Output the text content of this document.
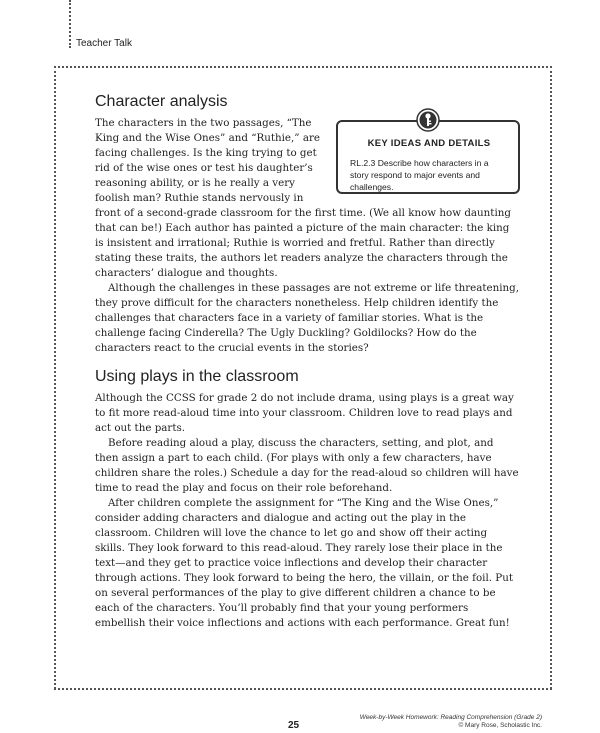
Teacher Talk
Character analysis
KEY IDEAS AND DETAILS
RL.2.3 Describe how characters in a story respond to major events and challenges.

The characters in the two passages, “The King and the Wise Ones” and “Ruthie,” are facing challenges. Is the king trying to get rid of the wise ones or test his daughter’s reasoning ability, or is he really a very foolish man? Ruthie stands nervously in front of a second-grade classroom for the first time. (We all know how daunting that can be!) Each author has painted a picture of the main character: the king is insistent and irrational; Ruthie is worried and fretful. Rather than directly stating these traits, the authors let readers analyze the characters through the characters’ dialogue and thoughts.

Although the challenges in these passages are not extreme or life threatening, they prove difficult for the characters nonetheless. Help children identify the challenges that characters face in a variety of familiar stories. What is the challenge facing Cinderella? The Ugly Duckling? Goldilocks? How do the characters react to the crucial events in the stories?

Using plays in the classroom

Although the CCSS for grade 2 do not include drama, using plays is a great way to fit more read-aloud time into your classroom. Children love to read plays and act out the parts.

Before reading aloud a play, discuss the characters, setting, and plot, and then assign a part to each child. (For plays with only a few characters, have children share the roles.) Schedule a day for the read-aloud so children will have time to read the play and focus on their role beforehand.

After children complete the assignment for “The King and the Wise Ones,” consider adding characters and dialogue and acting out the play in the classroom. Children will love the chance to let go and show off their acting skills. They look forward to this read-aloud. They rarely lose their place in the text—and they get to practice voice inflections and develop their character through actions. They look forward to being the hero, the villain, or the foil. Put on several performances of the play to give different children a chance to be each of the characters. You’ll probably find that your young performers embellish their voice inflections and actions with each performance. Great fun!

25
Week-by-Week Homework: Reading Comprehension (Grade 2)
© Mary Rose, Scholastic Inc.
